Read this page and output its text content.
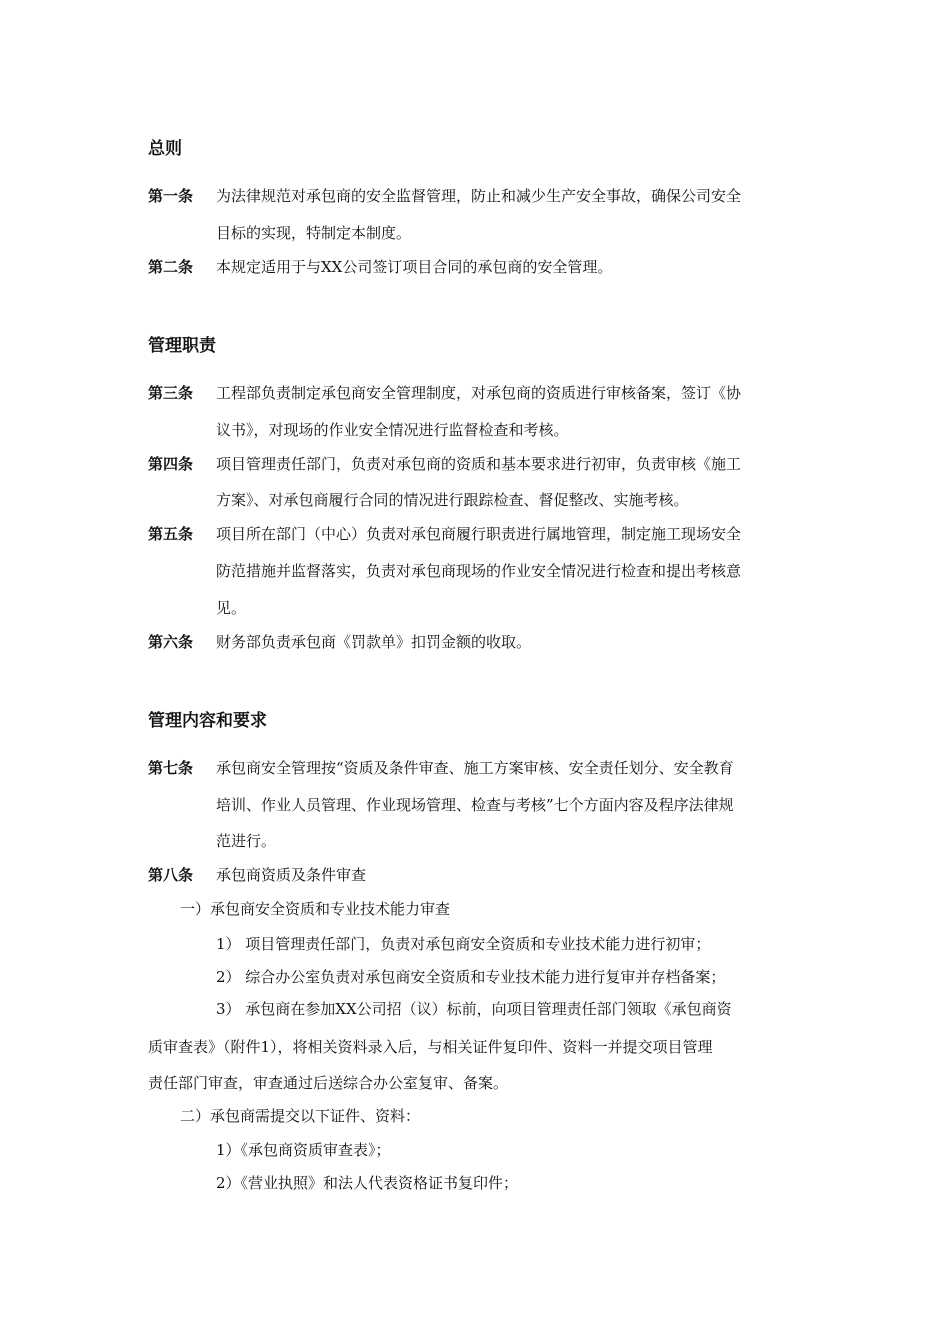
总则
第一条 为法律规范对承包商的安全监督管理，防止和减少生产安全事故，确保公司安全
目标的实现，特制定本制度。
第二条 本规定适用于与XX公司签订项目合同的承包商的安全管理。
管理职责
第三条 工程部负责制定承包商安全管理制度，对承包商的资质进行审核备案，签订《协
议书》，对现场的作业安全情况进行监督检查和考核。
第四条 项目管理责任部门，负责对承包商的资质和基本要求进行初审，负责审核《施工
方案》、对承包商履行合同的情况进行跟踪检查、督促整改、实施考核。
第五条 项目所在部门（中心）负责对承包商履行职责进行属地管理，制定施工现场安全
防范措施并监督落实，负责对承包商现场的作业安全情况进行检查和提出考核意
见。
第六条 财务部负责承包商《罚款单》扣罚金额的收取。
管理内容和要求
第七条 承包商安全管理按“资质及条件审查、施工方案审核、安全责任划分、安全教育
培训、作业人员管理、作业现场管理、检查与考核”七个方面内容及程序法律规
范进行。
第八条 承包商资质及条件审查
一）承包商安全资质和专业技术能力审查
1） 项目管理责任部门，负责对承包商安全资质和专业技术能力进行初审；
2） 综合办公室负责对承包商安全资质和专业技术能力进行复审并存档备案；
3） 承包商在参加XX公司招（议）标前，向项目管理责任部门领取《承包商资
质审查表》（附件1），将相关资料录入后，与相关证件复印件、资料一并提交项目管理
责任部门审查，审查通过后送综合办公室复审、备案。
二）承包商需提交以下证件、资料：
1）《承包商资质审查表》；
2）《营业执照》和法人代表资格证书复印件；
